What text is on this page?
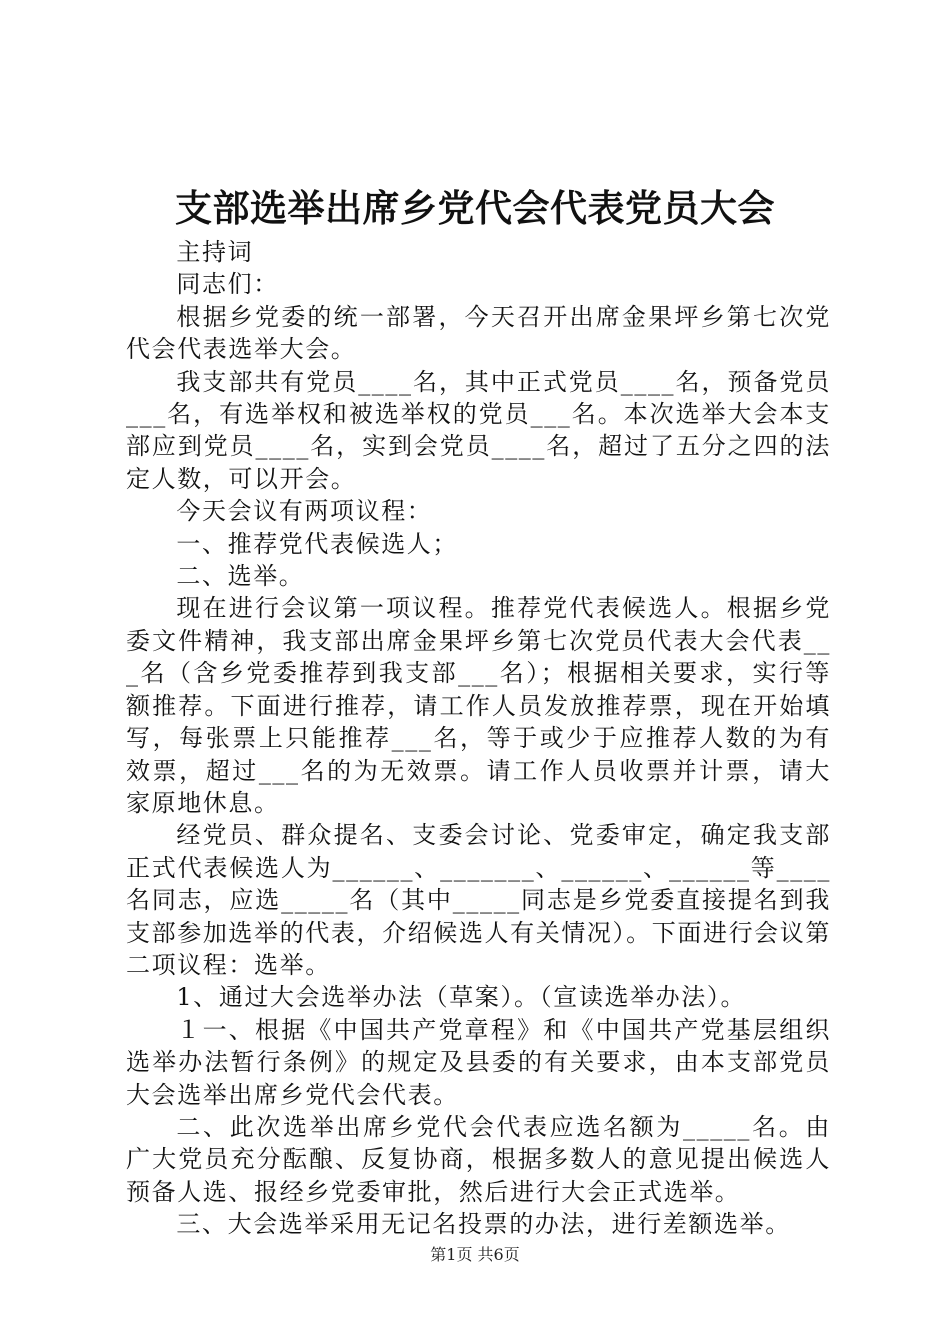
支部选举出席乡党代会代表党员大会

主持词

同志们：

根据乡党委的统一部署，今天召开出席金果坪乡第七次党代会代表选举大会。

我支部共有党员____名，其中正式党员____名，预备党员___名，有选举权和被选举权的党员___名。本次选举大会本支部应到党员____名，实到会党员____名，超过了五分之四的法定人数，可以开会。

今天会议有两项议程：

一、推荐党代表候选人；

二、选举。

现在进行会议第一项议程。推荐党代表候选人。根据乡党委文件精神，我支部出席金果坪乡第七次党员代表大会代表___名（含乡党委推荐到我支部___名）；根据相关要求，实行等额推荐。下面进行推荐，请工作人员发放推荐票，现在开始填写，每张票上只能推荐___名，等于或少于应推荐人数的为有效票，超过___名的为无效票。请工作人员收票并计票，请大家原地休息。

经党员、群众提名、支委会讨论、党委审定，确定我支部正式代表候选人为______、_______、______、______等____名同志，应选_____名（其中_____同志是乡党委直接提名到我支部参加选举的代表，介绍候选人有关情况）。下面进行会议第二项议程：选举。

1、通过大会选举办法（草案）。（宣读选举办法）。

１一、根据《中国共产党章程》和《中国共产党基层组织选举办法暂行条例》的规定及县委的有关要求，由本支部党员大会选举出席乡党代会代表。

二、此次选举出席乡党代会代表应选名额为_____名。由广大党员充分酝酿、反复协商，根据多数人的意见提出候选人预备人选、报经乡党委审批，然后进行大会正式选举。

三、大会选举采用无记名投票的办法，进行差额选举。

第1页 共6页
